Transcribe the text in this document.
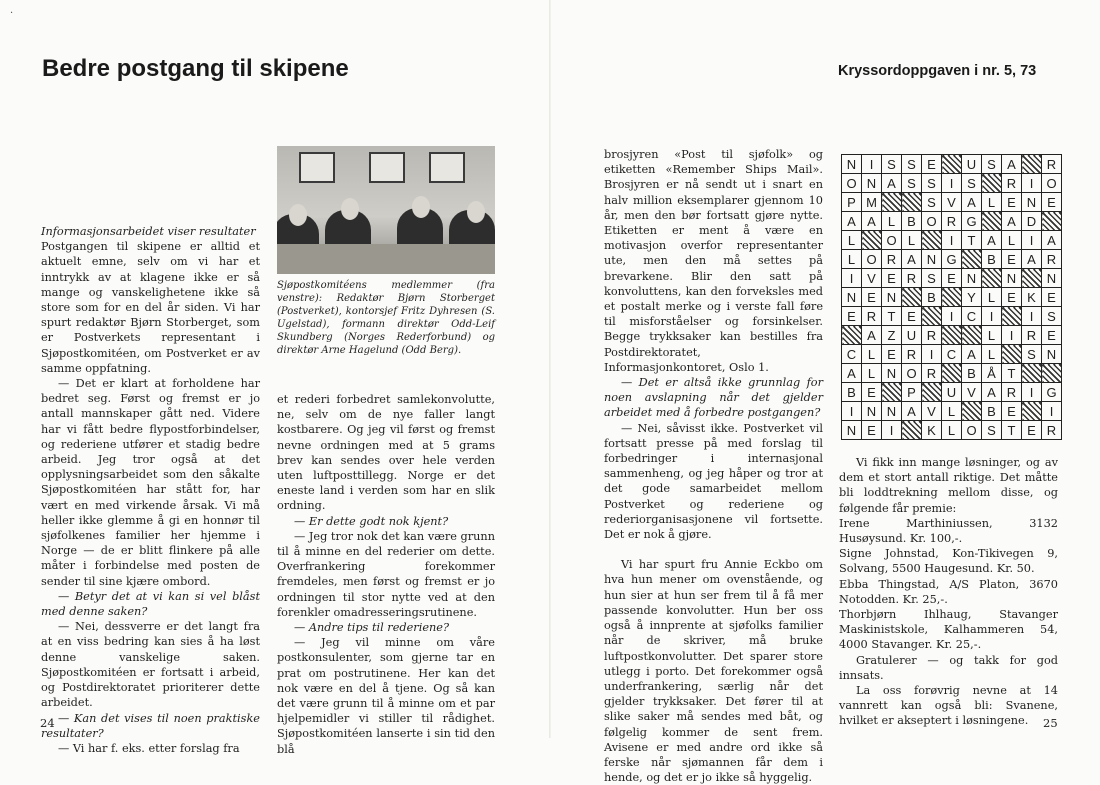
·
Bedre postgang til skipene

Informasjonsarbeidet viser resultater

Postgangen til skipene er alltid et aktuelt emne, selv om vi har et inntrykk av at klagene ikke er så mange og vanskelighetene ikke så store som for en del år siden. Vi har spurt redaktør Bjørn Storberget, som er Postverkets representant i Sjøpostkomitéen, om Postverket er av samme oppfatning.

— Det er klart at forholdene har bedret seg. Først og fremst er jo antall mannskaper gått ned. Videre har vi fått bedre flypostforbindelser, og rederiene utfører et stadig bedre arbeid. Jeg tror også at det opplysningsarbeidet som den såkalte Sjøpostkomitéen har stått for, har vært en med virkende årsak. Vi må heller ikke glemme å gi en honnør til sjøfolkenes familier her hjemme i Norge — de er blitt flinkere på alle måter i forbindelse med posten de sender til sine kjære ombord.

— Betyr det at vi kan si vel blåst med denne saken?

— Nei, dessverre er det langt fra at en viss bedring kan sies å ha løst denne vanskelige saken. Sjøpostkomitéen er fortsatt i arbeid, og Postdirektoratet prioriterer dette arbeidet.

— Kan det vises til noen praktiske resultater?

— Vi har f. eks. etter forslag fra

Sjøpostkomitéens medlemmer (fra venstre): Redaktør Bjørn Storberget (Postverket), kontorsjef Fritz Dyhresen (S. Ugelstad), formann direktør Odd-Leif Skundberg (Norges Rederforbund) og direktør Arne Hagelund (Odd Berg).

et rederi forbedret samlekonvolutte, ne, selv om de nye faller langt kostbarere. Og jeg vil først og fremst nevne ordningen med at 5 grams brev kan sendes over hele verden uten luftposttillegg. Norge er det eneste land i verden som har en slik ordning.

— Er dette godt nok kjent?

— Jeg tror nok det kan være grunn til å minne en del rederier om dette. Overfrankering forekommer fremdeles, men først og fremst er jo ordningen til stor nytte ved at den forenkler omadresseringsrutinene.

— Andre tips til rederiene?

— Jeg vil minne om våre postkonsulenter, som gjerne tar en prat om postrutinene. Her kan det nok være en del å tjene. Og så kan det være grunn til å minne om et par hjelpemidler vi stiller til rådighet. Sjøpostkomitéen lanserte i sin tid den blå

24
Kryssordoppgaven i nr. 5, 73

brosjyren «Post til sjøfolk» og etiketten «Remember Ships Mail». Brosjyren er nå sendt ut i snart en halv million eksemplarer gjennom 10 år, men den bør fortsatt gjøre nytte. Etiketten er ment å være en motivasjon overfor representanter ute, men den må settes på brevarkene. Blir den satt på konvoluttens, kan den forveksles med et postalt merke og i verste fall føre til misforståelser og forsinkelser. Begge trykksaker kan bestilles fra Postdirektoratet, Informasjonkontoret, Oslo 1.

— Det er altså ikke grunnlag for noen avslapning når det gjelder arbeidet med å forbedre postgangen?

— Nei, såvisst ikke. Postverket vil fortsatt presse på med forslag til forbedringer i internasjonal sammenheng, og jeg håper og tror at det gode samarbeidet mellom Postverket og rederiene og rederiorganisasjonene vil fortsette. Det er nok å gjøre.

Vi har spurt fru Annie Eckbo om hva hun mener om ovenstående, og hun sier at hun ser frem til å få mer passende konvolutter. Hun ber oss også å innprente at sjøfolks familier når de skriver, må bruke luftpostkonvolutter. Det sparer store utlegg i porto. Det forekommer også underfrankering, særlig når det gjelder trykksaker. Det fører til at slike saker må sendes med båt, og følgelig kommer de sent frem. Avisene er med andre ord ikke så ferske når sjømannen får dem i hende, og det er jo ikke så hyggelig.

N	I	S	S	E		U	S	A		R
O	N	A	S	S	I	S		R	I	O
P	M			S	V	A	L	E	N	E
A	A	L	B	O	R	G		A	D	
L		O	L		I	T	A	L	I	A
L	O	R	A	N	G		B	E	A	R
I	V	E	R	S	E	N		N		N
N	E	N		B		Y	L	E	K	E
E	R	T	E		I	C	I		I	S
	A	Z	U	R			L	I	R	E
C	L	E	R	I	C	A	L		S	N
A	L	N	O	R		B	Å	T		
B	E		P		U	V	A	R	I	G
I	N	N	A	V	L		B	E		I
N	E	I		K	L	O	S	T	E	R

Vi fikk inn mange løsninger, og av dem et stort antall riktige. Det måtte bli loddtrekning mellom disse, og følgende får premie:

Irene Marthiniussen, 3132 Husøysund. Kr. 100,-.

Signe Johnstad, Kon-Tikivegen 9, Solvang, 5500 Haugesund. Kr. 50.

Ebba Thingstad, A/S Platon, 3670 Notodden. Kr. 25,-.

Thorbjørn Ihlhaug, Stavanger Maskinistskole, Kalhammeren 54, 4000 Stavanger. Kr. 25,-.

Gratulerer — og takk for god innsats.

La oss forøvrig nevne at 14 vannrett kan også bli: Svanene, hvilket er akseptert i løsningene.	25
